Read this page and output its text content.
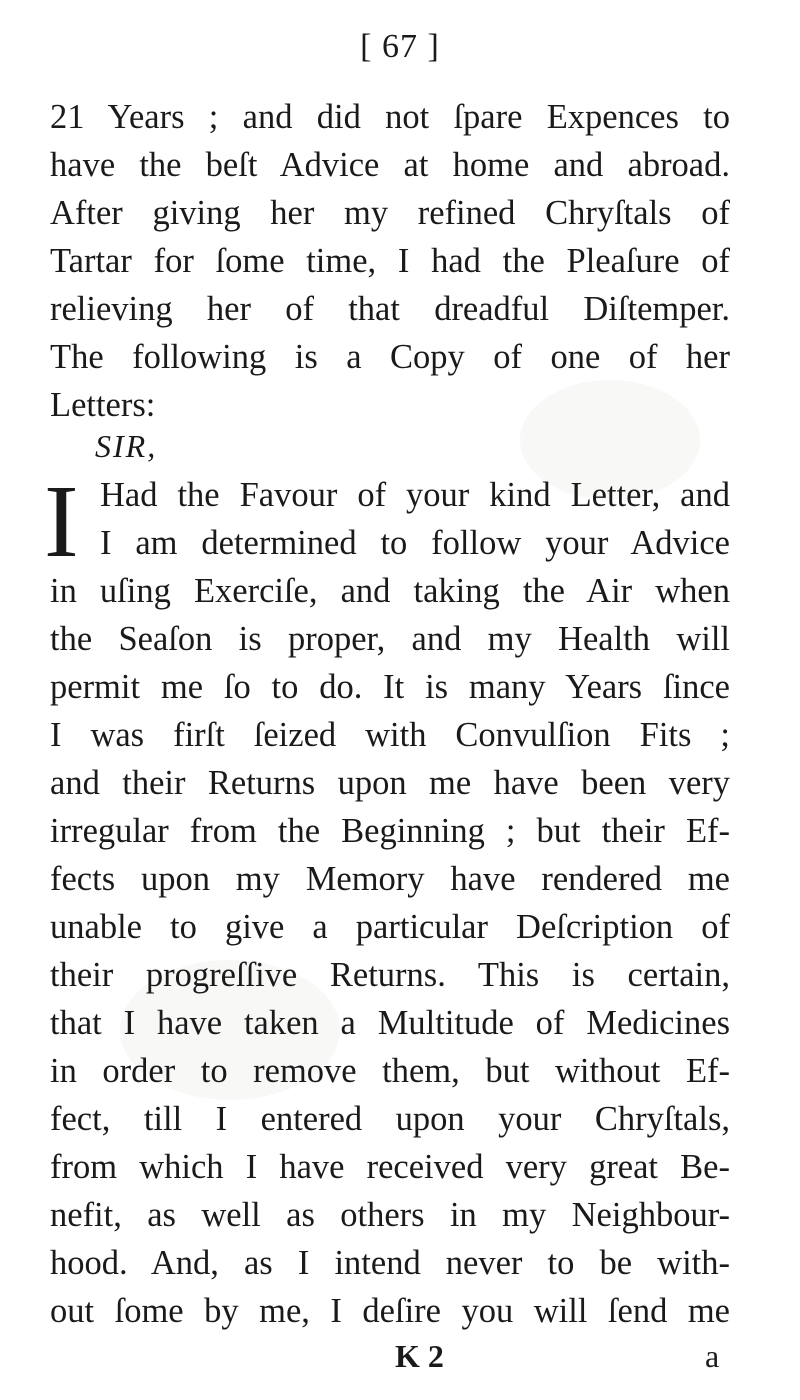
[ 67 ]
21 Years ; and did not ſpare Expences to
have the beſt Advice at home and abroad.
After giving her my refined Chryſtals of
Tartar for ſome time, I had the Pleaſure of
relieving her of that dreadful Diſtemper.
The following is a Copy of one of her
Letters:
SIR,
I Had the Favour of your kind Letter, and
I am determined to follow your Advice
in uſing Exerciſe, and taking the Air when
the Seaſon is proper, and my Health will
permit me ſo to do. It is many Years ſince
I was firſt ſeized with Convulſion Fits ;
and their Returns upon me have been very
irregular from the Beginning ; but their Ef-
fects upon my Memory have rendered me
unable to give a particular Deſcription of
their progreſſive Returns. This is certain,
that I have taken a Multitude of Medicines
in order to remove them, but without Ef-
fect, till I entered upon your Chryſtals,
from which I have received very great Be-
nefit, as well as others in my Neighbour-
hood. And, as I intend never to be with-
out ſome by me, I deſire you will ſend me
K 2	a
